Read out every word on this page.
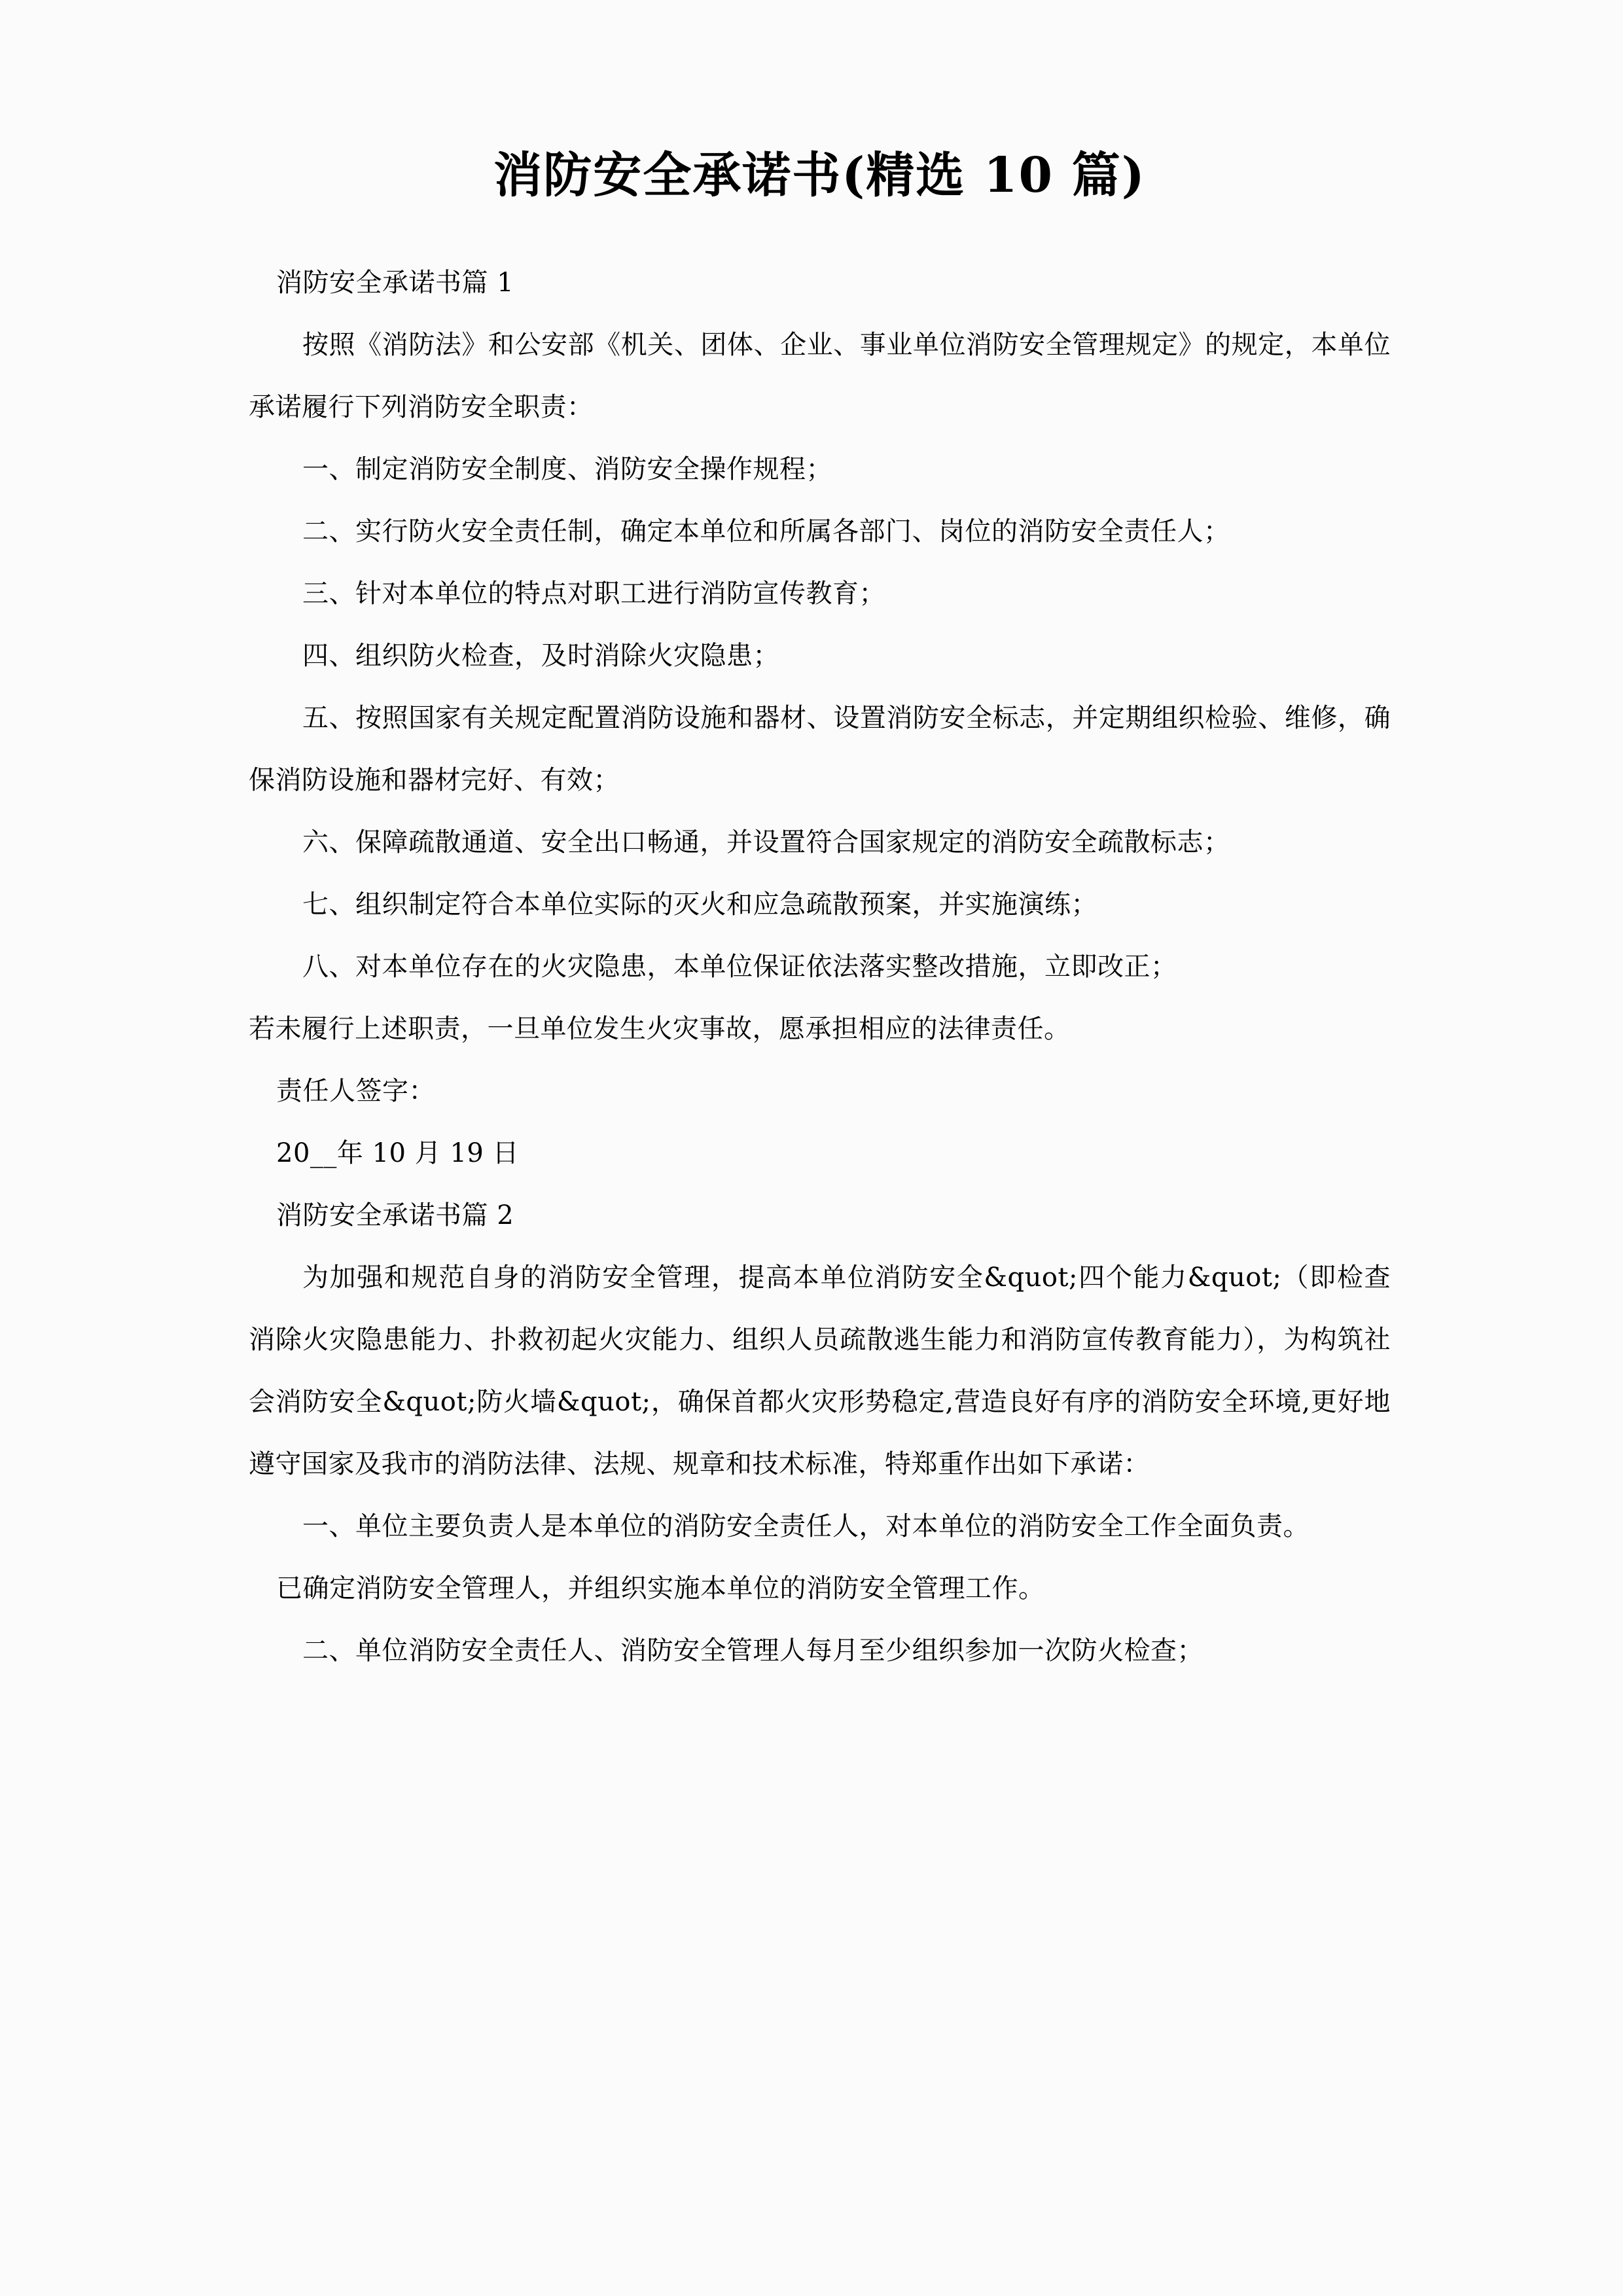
消防安全承诺书(精选 10 篇)

消防安全承诺书篇 1

按照《消防法》和公安部《机关、团体、企业、事业单位消防安全管理规定》的规定，本单位承诺履行下列消防安全职责：

一、制定消防安全制度、消防安全操作规程；

二、实行防火安全责任制，确定本单位和所属各部门、岗位的消防安全责任人；

三、针对本单位的特点对职工进行消防宣传教育；

四、组织防火检查，及时消除火灾隐患；

五、按照国家有关规定配置消防设施和器材、设置消防安全标志，并定期组织检验、维修，确保消防设施和器材完好、有效；

六、保障疏散通道、安全出口畅通，并设置符合国家规定的消防安全疏散标志；

七、组织制定符合本单位实际的灭火和应急疏散预案，并实施演练；

八、对本单位存在的火灾隐患，本单位保证依法落实整改措施，立即改正；

若未履行上述职责，一旦单位发生火灾事故，愿承担相应的法律责任。

责任人签字：

20__年 10 月 19 日

消防安全承诺书篇 2

为加强和规范自身的消防安全管理，提高本单位消防安全&quot;四个能力&quot;（即检查消除火灾隐患能力、扑救初起火灾能力、组织人员疏散逃生能力和消防宣传教育能力），为构筑社会消防安全&quot;防火墙&quot;，确保首都火灾形势稳定,营造良好有序的消防安全环境,更好地遵守国家及我市的消防法律、法规、规章和技术标准，特郑重作出如下承诺：

一、单位主要负责人是本单位的消防安全责任人，对本单位的消防安全工作全面负责。

已确定消防安全管理人，并组织实施本单位的消防安全管理工作。

二、单位消防安全责任人、消防安全管理人每月至少组织参加一次防火检查；
